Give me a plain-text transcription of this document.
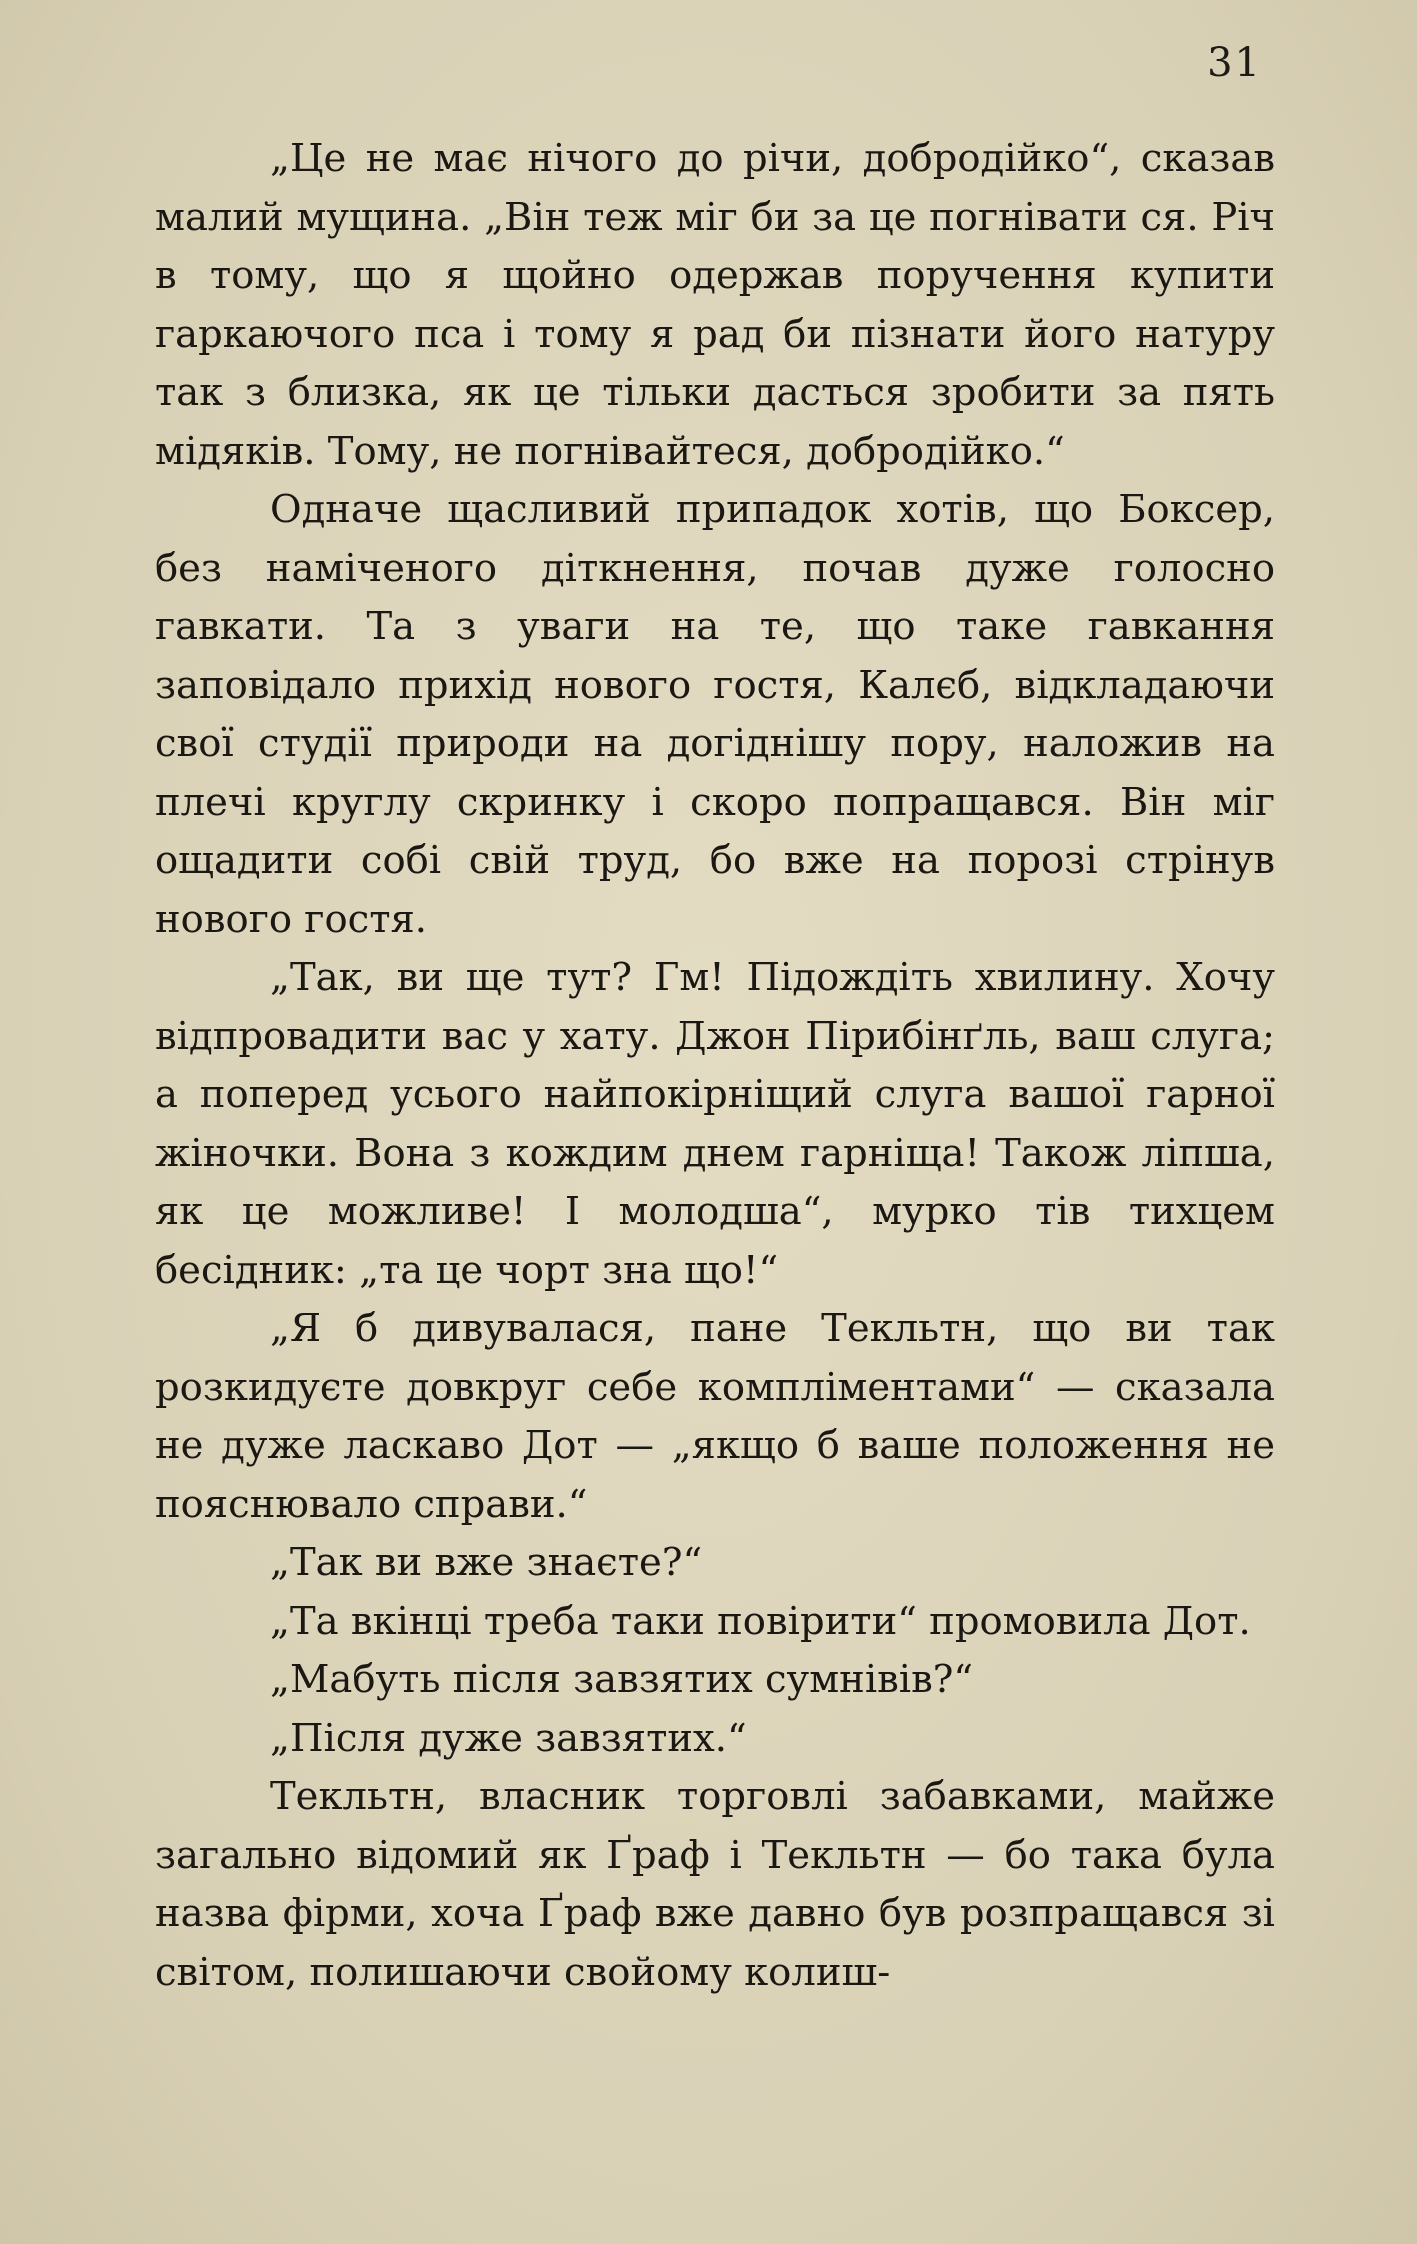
31

„Це не має нічого до річи, добродійко“, сказав малий мущина. „Він теж міг би за це погнівати ся. Річ в тому, що я щойно одержав поручення купити гаркаючого пса і тому я рад би пізнати його натуру так з близка, як це тільки дасться зробити за пять мідяків. Тому, не погнівайтеся, добродійко.“

Одначе щасливий припадок хотів, що Боксер, без наміченого діткнення, почав дуже голосно гавкати. Та з уваги на те, що таке гавкання заповідало прихід нового гостя, Калєб, відкладаючи свої студії природи на догіднішу пору, наложив на плечі круглу скринку і скоро попращався. Він міг ощадити собі свій труд, бо вже на порозі стрінув нового гостя.

„Так, ви ще тут? Гм! Підождіть хвилину. Хочу відпровадити вас у хату. Джон Пірибінґль, ваш слуга; а поперед усього найпокірніщий слуга вашої гарної жіночки. Вона з кождим днем гарніща! Також ліпша, як це можливе! І молодша“, мурко тів тихцем бесідник: „та це чорт зна що!“

„Я б дивувалася, пане Текльтн, що ви так розкидуєте довкруг себе компліментами“ — сказала не дуже ласкаво Дот — „якщо б ваше положення не пояснювало справи.“

„Так ви вже знаєте?“

„Та вкінці треба таки повірити“ промовила Дот.

„Мабуть після завзятих сумнівів?“

„Після дуже завзятих.“

Текльтн, власник торговлі забавками, майже загально відомий як Ґраф і Текльтн — бо така була назва фірми, хоча Ґраф вже давно був розпращався зі світом, полишаючи свойому колиш-
